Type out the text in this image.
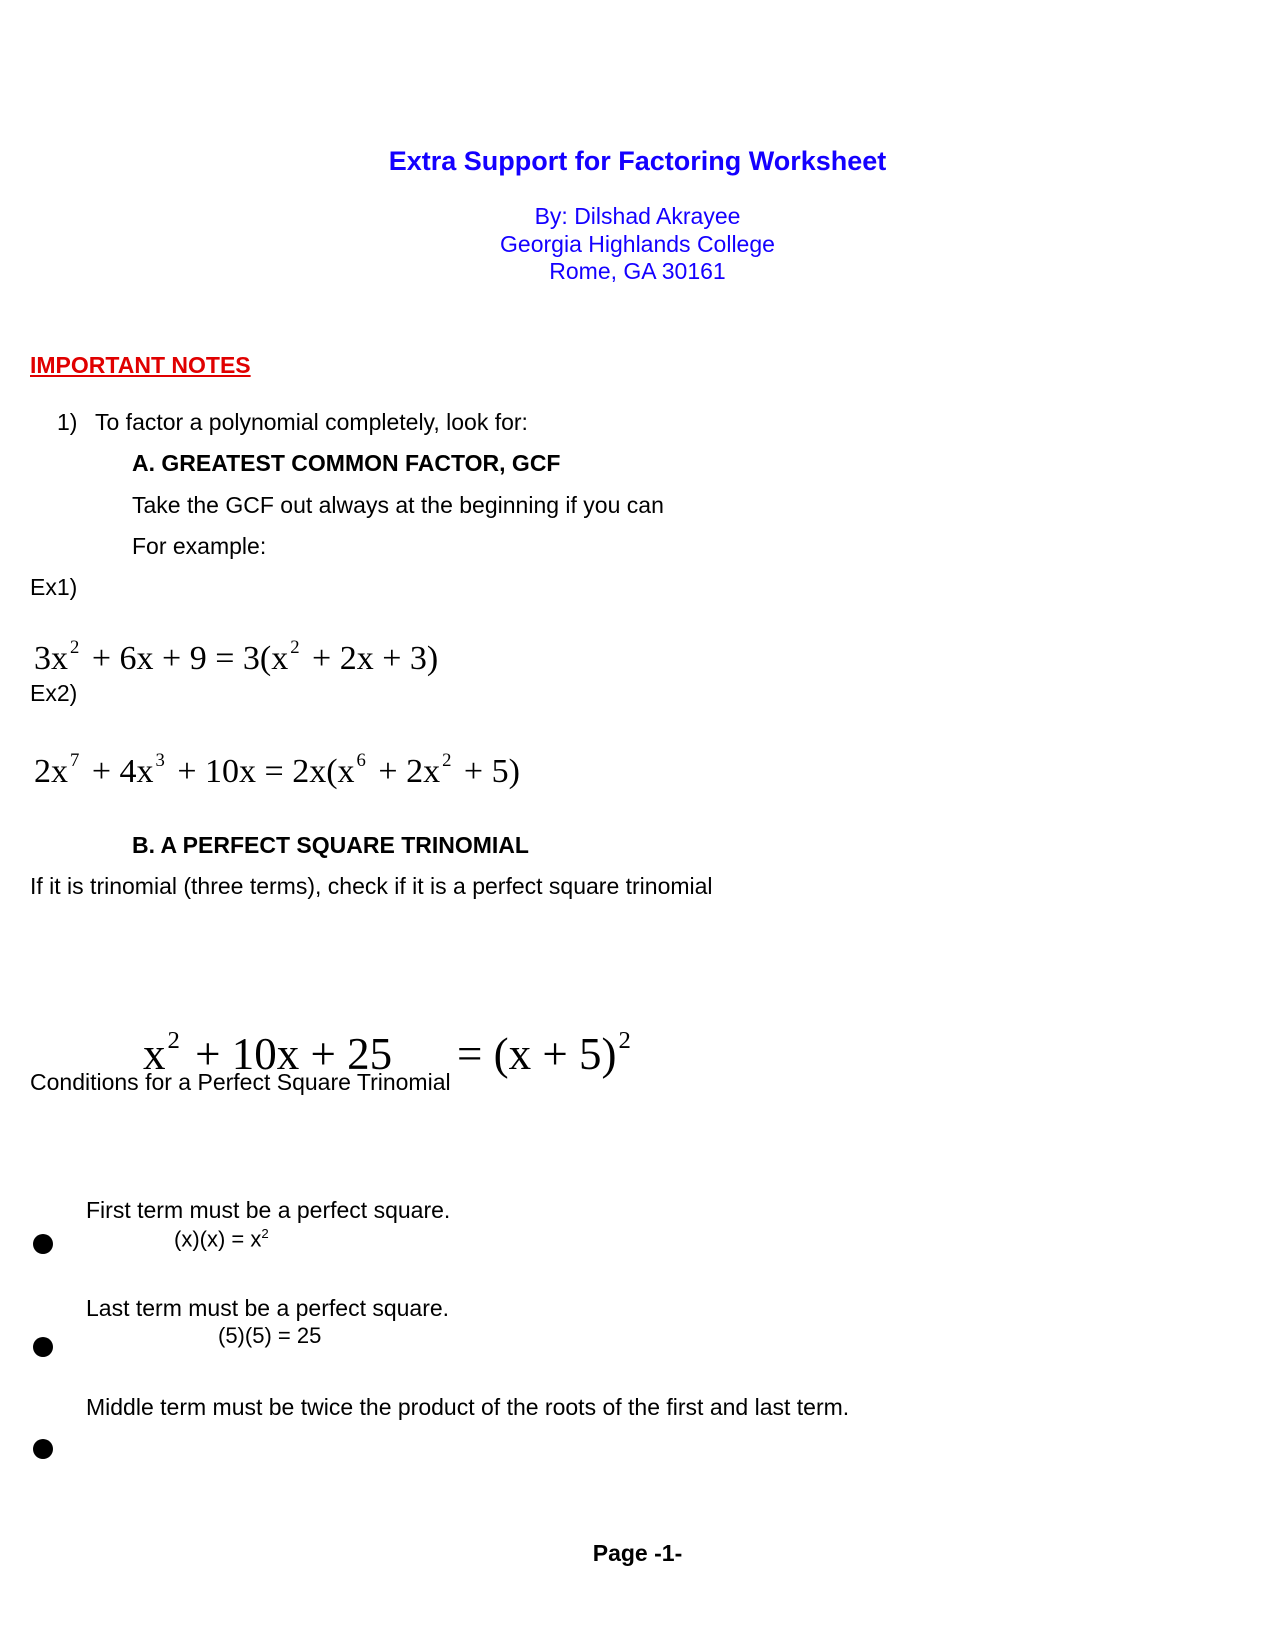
Extra Support for Factoring Worksheet
By: Dilshad Akrayee
Georgia Highlands College
Rome, GA 30161
IMPORTANT NOTES
1) To factor a polynomial completely, look for:
A. GREATEST COMMON FACTOR, GCF
Take the GCF out always at the beginning if you can
For example:
Ex1)
3x $^2$ + 6x + 9 = 3(x $^2$ + 2x + 3)
Ex2)
2x $^7$ + 4x $^3$ + 10x = 2x(x $^6$ + 2x $^2$ + 5)
B. A PERFECT SQUARE TRINOMIAL
If it is trinomial (three terms), check if it is a perfect square trinomial
$x^2 + 10x + 25 = (x + 5)^2$
Conditions for a Perfect Square Trinomial
First term must be a perfect square.
$(x)(x) = x^2$
Last term must be a perfect square.
(5)(5) = 25
Middle term must be twice the product of the roots of the first and last term.
Page -1-
